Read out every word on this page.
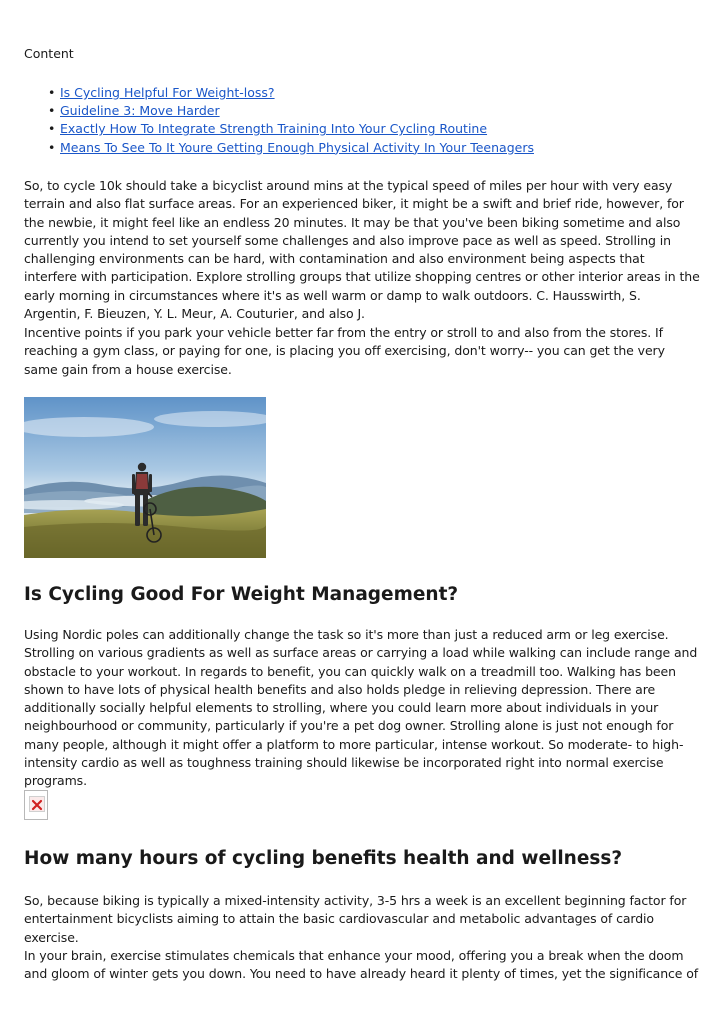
Content

• Is Cycling Helpful For Weight-loss?
• Guideline 3: Move Harder
• Exactly How To Integrate Strength Training Into Your Cycling Routine
• Means To See To It Youre Getting Enough Physical Activity In Your Teenagers

So, to cycle 10k should take a bicyclist around mins at the typical speed of miles per hour with very easy terrain and also flat surface areas. For an experienced biker, it might be a swift and brief ride, however, for the newbie, it might feel like an endless 20 minutes. It may be that you've been biking sometime and also currently you intend to set yourself some challenges and also improve pace as well as speed. Strolling in challenging environments can be hard, with contamination and also environment being aspects that interfere with participation. Explore strolling groups that utilize shopping centres or other interior areas in the early morning in circumstances where it's as well warm or damp to walk outdoors. C. Hausswirth, S. Argentin, F. Bieuzen, Y. L. Meur, A. Couturier, and also J.

Incentive points if you park your vehicle better far from the entry or stroll to and also from the stores. If reaching a gym class, or paying for one, is placing you off exercising, don't worry-- you can get the very same gain from a house exercise.

Is Cycling Good For Weight Management?

Using Nordic poles can additionally change the task so it's more than just a reduced arm or leg exercise. Strolling on various gradients as well as surface areas or carrying a load while walking can include range and obstacle to your workout. In regards to benefit, you can quickly walk on a treadmill too. Walking has been shown to have lots of physical health benefits and also holds pledge in relieving depression. There are additionally socially helpful elements to strolling, where you could learn more about individuals in your neighbourhood or community, particularly if you're a pet dog owner. Strolling alone is just not enough for many people, although it might offer a platform to more particular, intense workout. So moderate- to high-intensity cardio as well as toughness training should likewise be incorporated right into normal exercise programs.

How many hours of cycling benefits health and wellness?

So, because biking is typically a mixed-intensity activity, 3-5 hrs a week is an excellent beginning factor for entertainment bicyclists aiming to attain the basic cardiovascular and metabolic advantages of cardio exercise.

In your brain, exercise stimulates chemicals that enhance your mood, offering you a break when the doom and gloom of winter gets you down. You need to have already heard it plenty of times, yet the significance of
